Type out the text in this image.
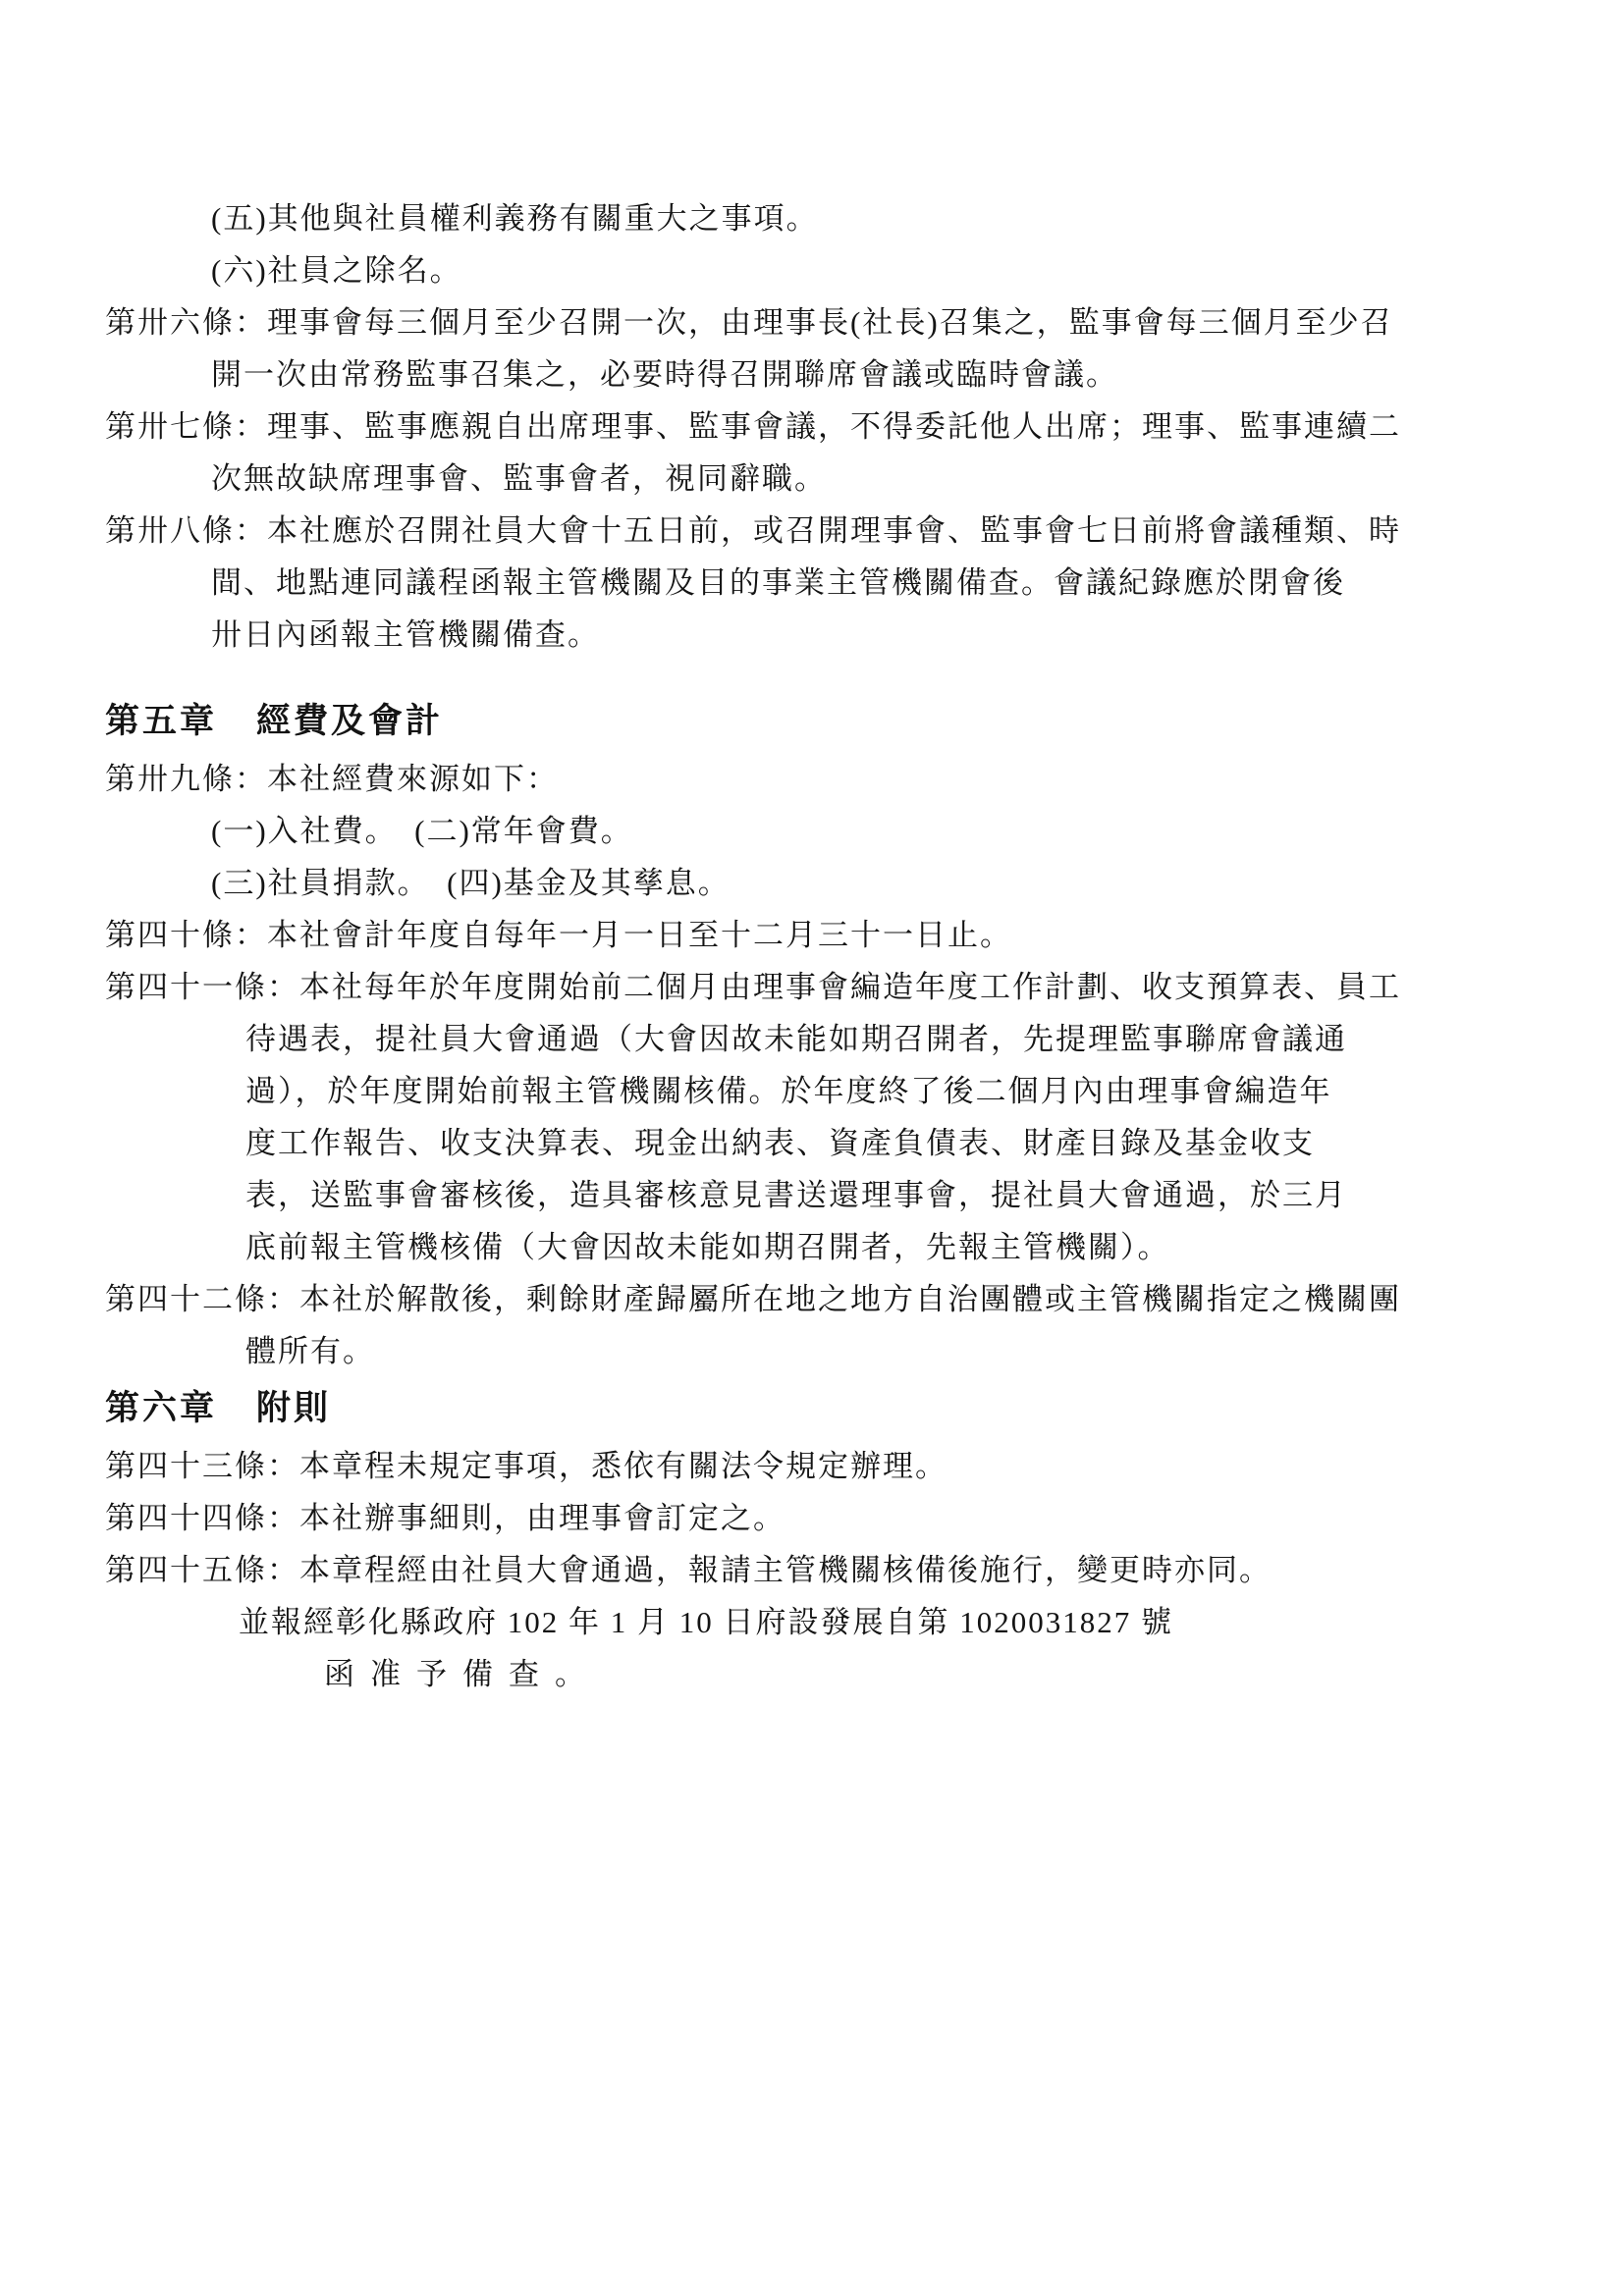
(五)其他與社員權利義務有關重大之事項。
(六)社員之除名。
第卅六條：理事會每三個月至少召開一次，由理事長(社長)召集之，監事會每三個月至少召
開一次由常務監事召集之，必要時得召開聯席會議或臨時會議。
第卅七條：理事、監事應親自出席理事、監事會議，不得委託他人出席；理事、監事連續二
次無故缺席理事會、監事會者，視同辭職。
第卅八條：本社應於召開社員大會十五日前，或召開理事會、監事會七日前將會議種類、時
間、地點連同議程函報主管機關及目的事業主管機關備查。會議紀錄應於閉會後
卅日內函報主管機關備查。
第五章 經費及會計
第卅九條：本社經費來源如下：
(一)入社費。　(二)常年會費。
(三)社員捐款。　(四)基金及其孳息。
第四十條：本社會計年度自每年一月一日至十二月三十一日止。
第四十一條：本社每年於年度開始前二個月由理事會編造年度工作計劃、收支預算表、員工
待遇表，提社員大會通過（大會因故未能如期召開者，先提理監事聯席會議通
過），於年度開始前報主管機關核備。於年度終了後二個月內由理事會編造年
度工作報告、收支決算表、現金出納表、資產負債表、財產目錄及基金收支
表，送監事會審核後，造具審核意見書送還理事會，提社員大會通過，於三月
底前報主管機核備（大會因故未能如期召開者，先報主管機關）。
第四十二條：本社於解散後，剩餘財產歸屬所在地之地方自治團體或主管機關指定之機關團
體所有。
第六章 附則
第四十三條：本章程未規定事項，悉依有關法令規定辦理。
第四十四條：本社辦事細則，由理事會訂定之。
第四十五條：本章程經由社員大會通過，報請主管機關核備後施行，變更時亦同。
並報經彰化縣政府 102 年 1 月 10 日府設發展自第 1020031827 號
函准予備查。
